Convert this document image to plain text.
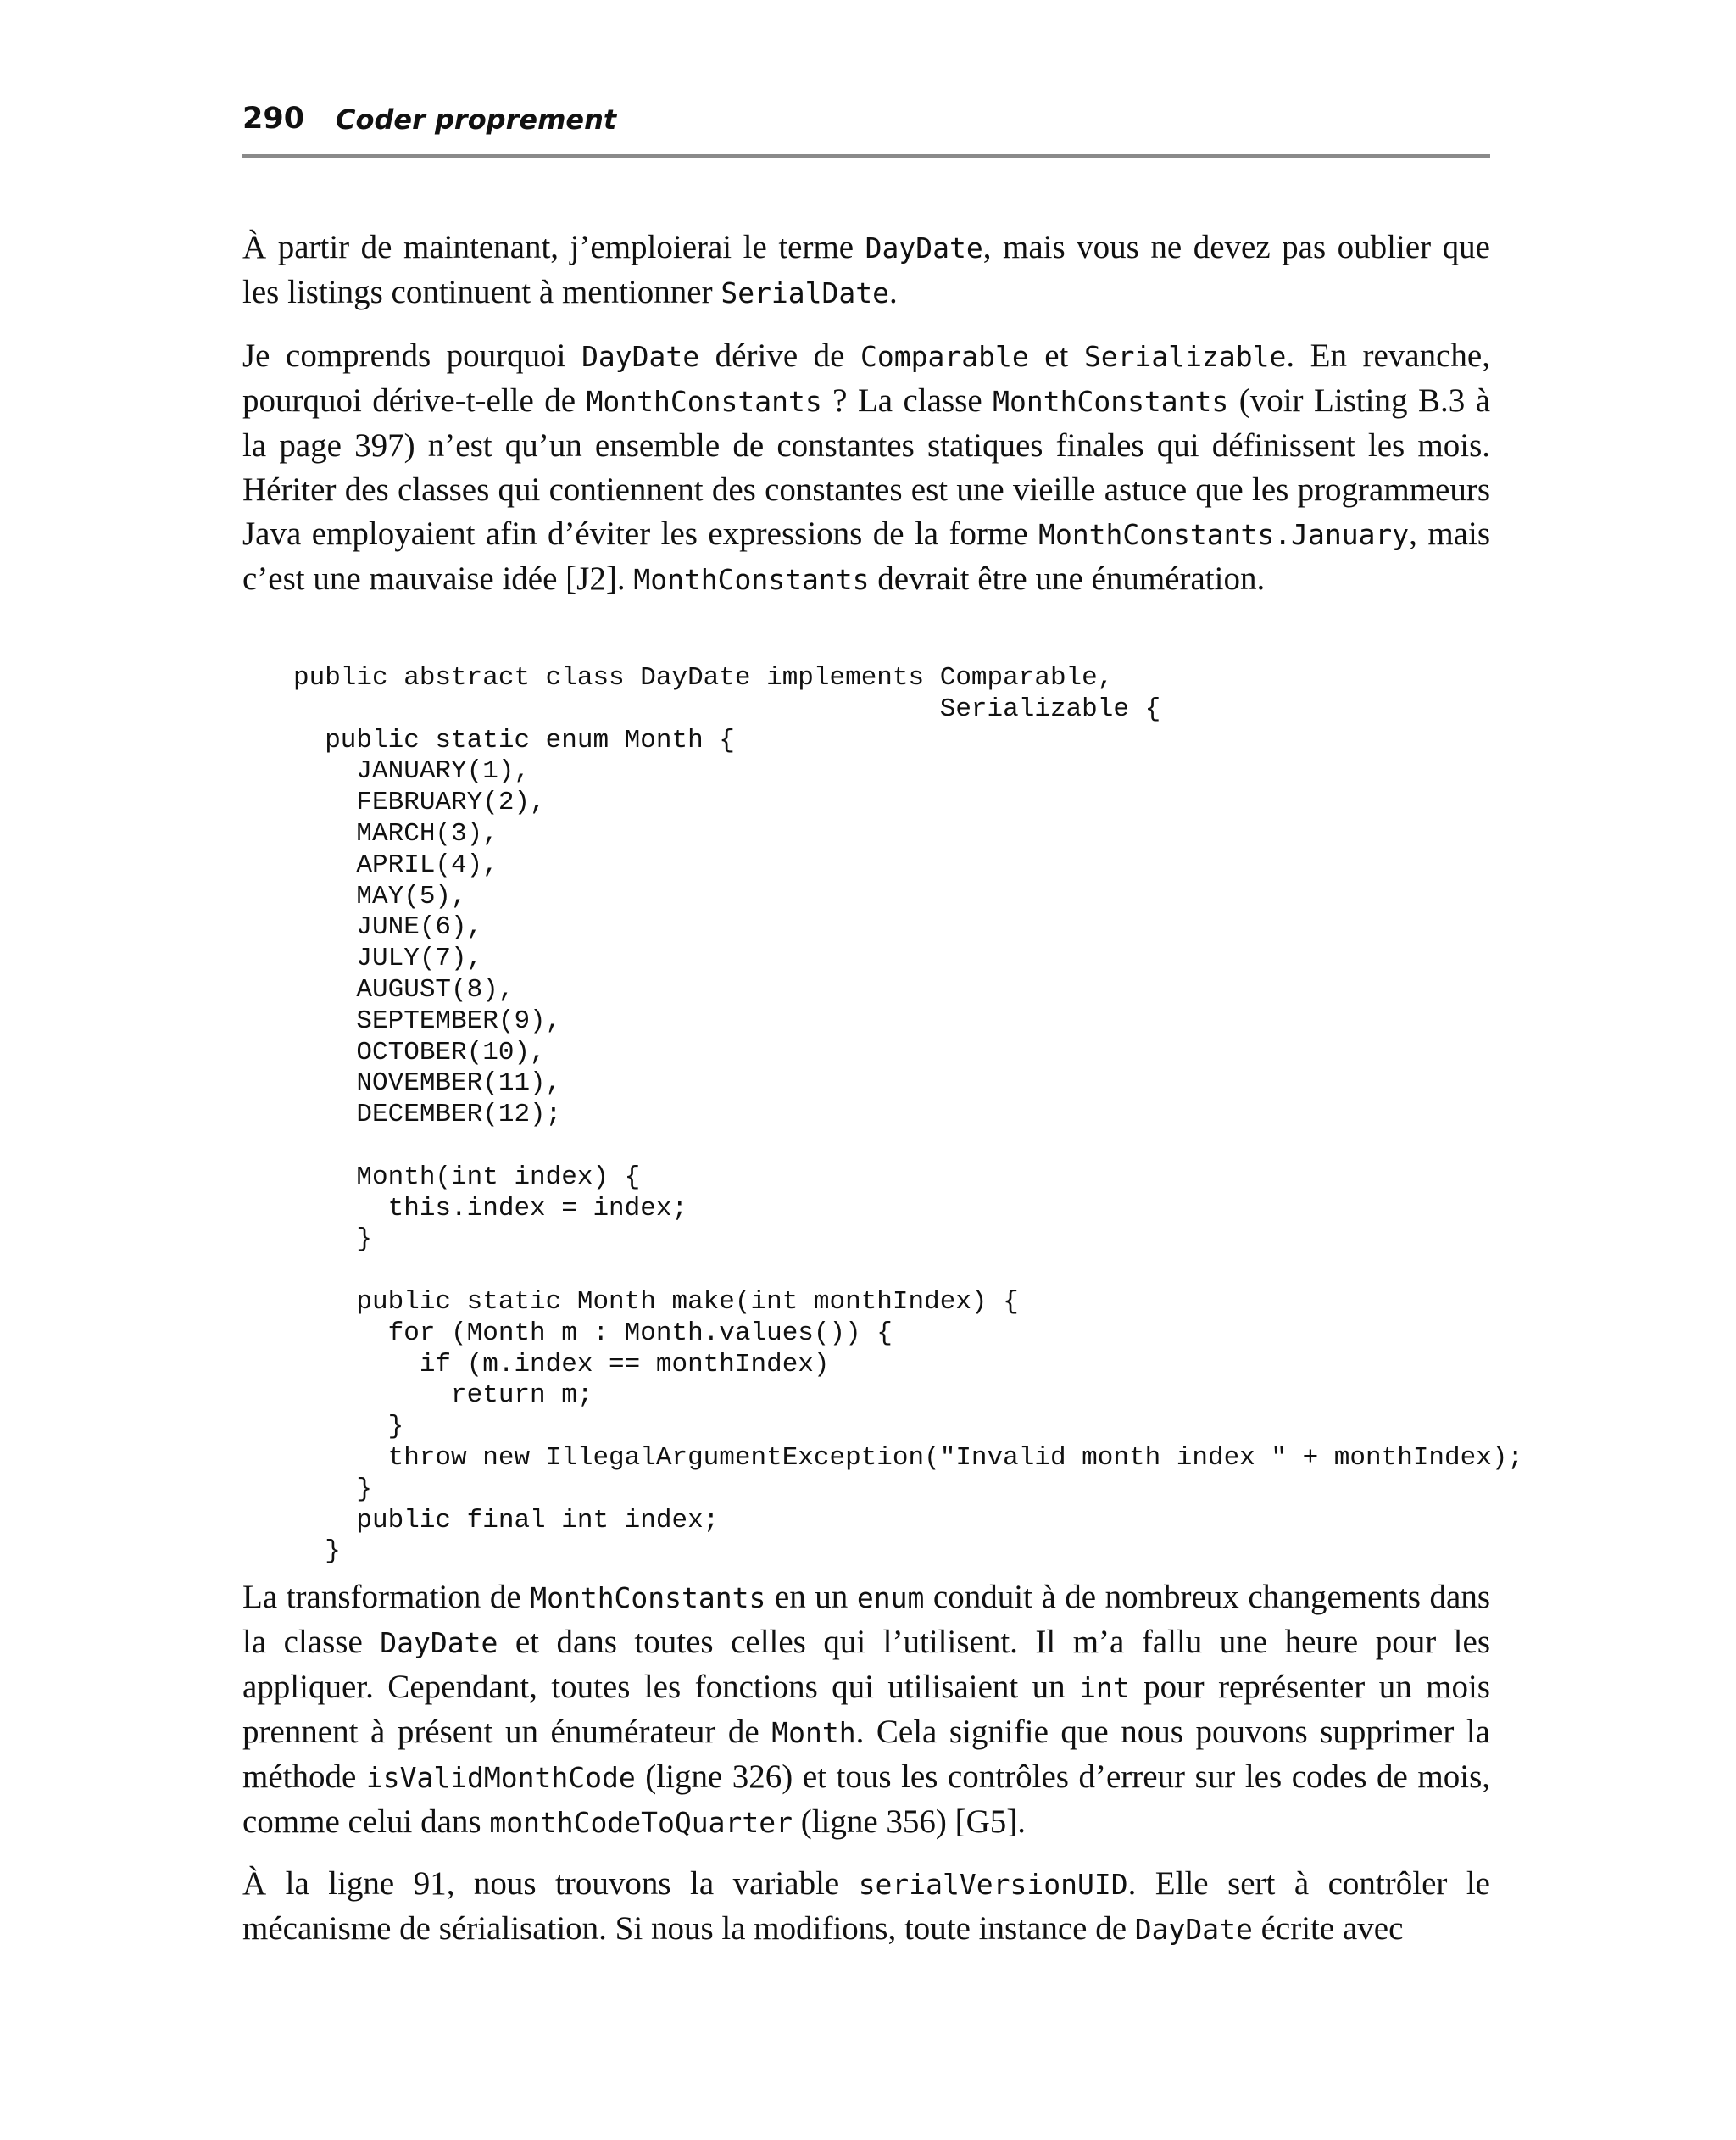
290 Coder proprement

À partir de maintenant, j’emploierai le terme DayDate, mais vous ne devez pas oublier que les listings continuent à mentionner SerialDate.

Je comprends pourquoi DayDate dérive de Comparable et Serializable. En revanche, pourquoi dérive-t-elle de MonthConstants ? La classe MonthConstants (voir Listing B.3 à la page 397) n’est qu’un ensemble de constantes statiques finales qui définissent les mois. Hériter des classes qui contiennent des constantes est une vieille astuce que les programmeurs Java employaient afin d’éviter les expressions de la forme MonthConstants.January, mais c’est une mauvaise idée [J2]. MonthConstants devrait être une énumération.

public abstract class DayDate implements Comparable,
Serializable {
public static enum Month {
JANUARY(1),
FEBRUARY(2),
MARCH(3),
APRIL(4),
MAY(5),
JUNE(6),
JULY(7),
AUGUST(8),
SEPTEMBER(9),
OCTOBER(10),
NOVEMBER(11),
DECEMBER(12);

Month(int index) {
this.index = index;
}

public static Month make(int monthIndex) {
for (Month m : Month.values()) {
if (m.index == monthIndex)
return m;
}
throw new IllegalArgumentException("Invalid month index " + monthIndex);
}
public final int index;
}

La transformation de MonthConstants en un enum conduit à de nombreux changements dans la classe DayDate et dans toutes celles qui l’utilisent. Il m’a fallu une heure pour les appliquer. Cependant, toutes les fonctions qui utilisaient un int pour représenter un mois prennent à présent un énumérateur de Month. Cela signifie que nous pouvons supprimer la méthode isValidMonthCode (ligne 326) et tous les contrôles d’erreur sur les codes de mois, comme celui dans monthCodeToQuarter (ligne 356) [G5].

À la ligne 91, nous trouvons la variable serialVersionUID. Elle sert à contrôler le mécanisme de sérialisation. Si nous la modifions, toute instance de DayDate écrite avec
